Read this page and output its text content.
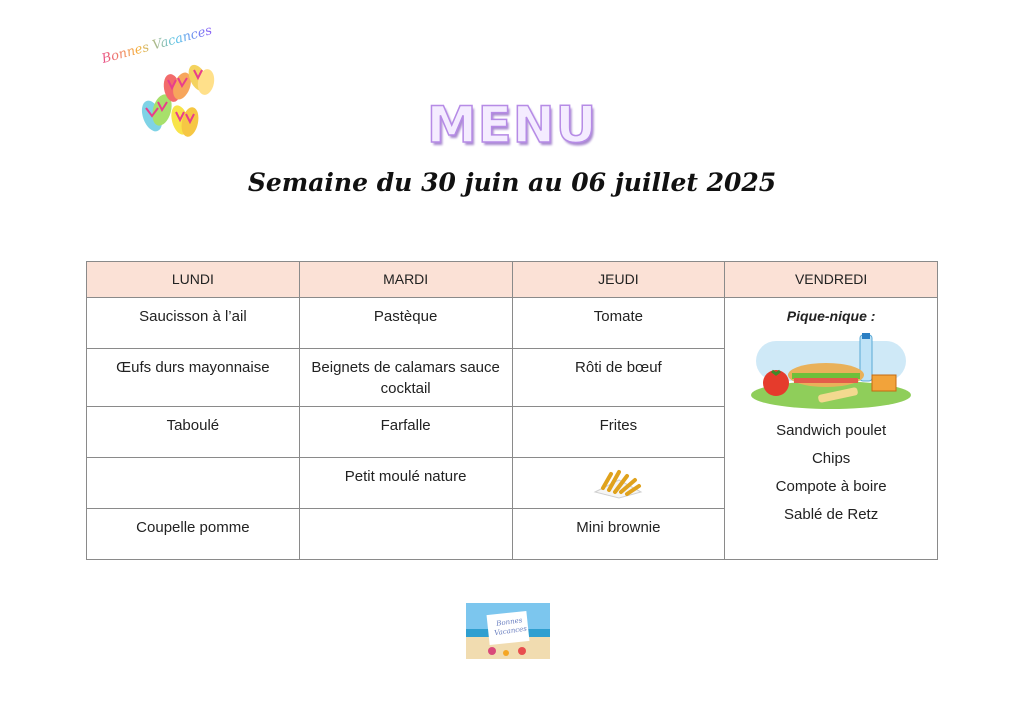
Bonnes Vacances
MENU
Semaine du 30 juin au 06 juillet 2025
LUNDI	MARDI	JEUDI	VENDREDI
Saucisson à l’ail	Pastèque	Tomate	Pique-nique :
Sandwich poulet
Chips
Compote à boire
Sablé de Retz

Œufs durs mayonnaise	Beignets de calamars sauce cocktail	Rôti de bœuf	
Taboulé	Farfalle	Frites	
	Petit moulé nature	

Coupelle pomme		Mini brownie	
Bonnes Vacances
